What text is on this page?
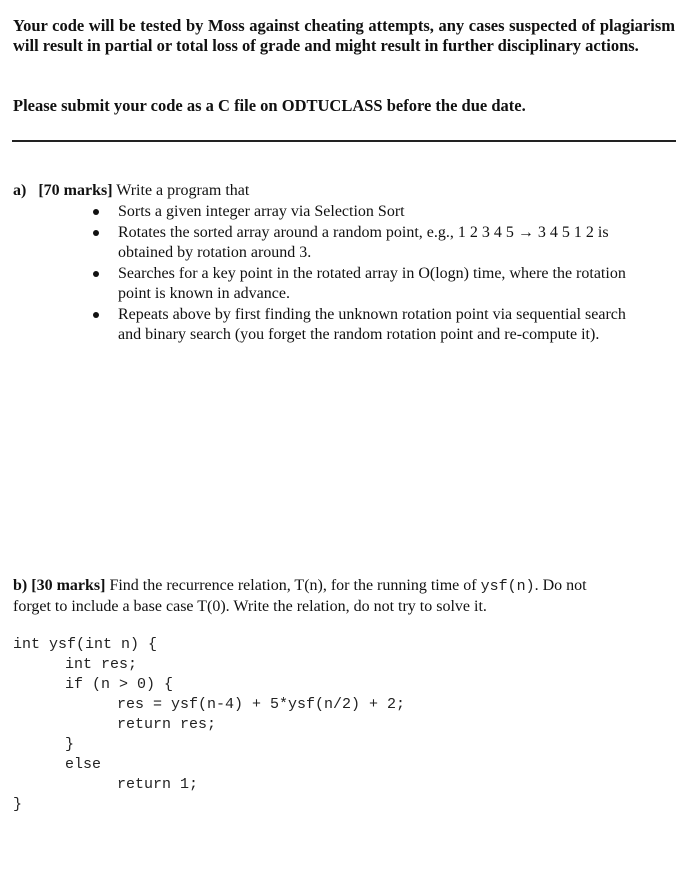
Your code will be tested by Moss against cheating attempts, any cases suspected of plagiarism will result in partial or total loss of grade and might result in further disciplinary actions.
Please submit your code as a C file on ODTUCLASS before the due date.
a) [70 marks] Write a program that
Sorts a given integer array via Selection Sort
Rotates the sorted array around a random point, e.g., 1 2 3 4 5 → 3 4 5 1 2 is
obtained by rotation around 3.
Searches for a key point in the rotated array in O(logn) time, where the rotation
point is known in advance.
Repeats above by first finding the unknown rotation point via sequential search
and binary search (you forget the random rotation point and re-compute it).
b) [30 marks] Find the recurrence relation, T(n), for the running time of ysf(n). Do not
forget to include a base case T(0). Write the relation, do not try to solve it.
int ysf(int n) {
int res;
if (n > 0) {
res = ysf(n-4) + 5*ysf(n/2) + 2;
return res;
}
else
return 1;
}
